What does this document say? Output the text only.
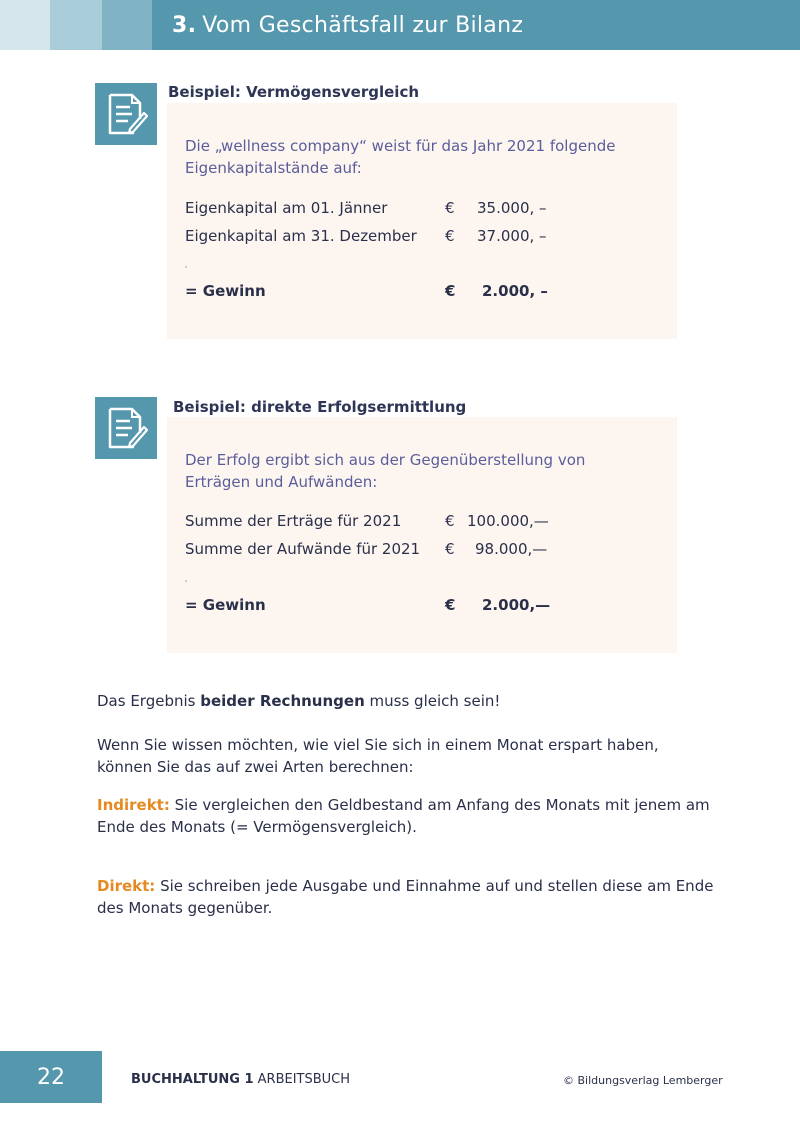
3. Vom Geschäftsfall zur Bilanz
Beispiel: Vermögensvergleich
Die „wellness company“ weist für das Jahr 2021 folgende Eigenkapitalstände auf:
Eigenkapital am 01. Jänner	€ 35.000, –
Eigenkapital am 31. Dezember € 37.000, –
= Gewinn	€ 2.000, –
Beispiel: direkte Erfolgsermittlung
Der Erfolg ergibt sich aus der Gegenüberstellung von Erträgen und Aufwänden:
Summe der Erträge für 2021	€ 100.000,—
Summe der Aufwände für 2021 € 98.000,—
= Gewinn	€ 2.000,—
Das Ergebnis beider Rechnungen muss gleich sein!
Wenn Sie wissen möchten, wie viel Sie sich in einem Monat erspart haben, können Sie das auf zwei Arten berechnen:
Indirekt: Sie vergleichen den Geldbestand am Anfang des Monats mit jenem am Ende des Monats (= Vermögensvergleich).
Direkt: Sie schreiben jede Ausgabe und Einnahme auf und stellen diese am Ende des Monats gegenüber.
22	BUCHHALTUNG 1 ARBEITSBUCH	© Bildungsverlag Lemberger
